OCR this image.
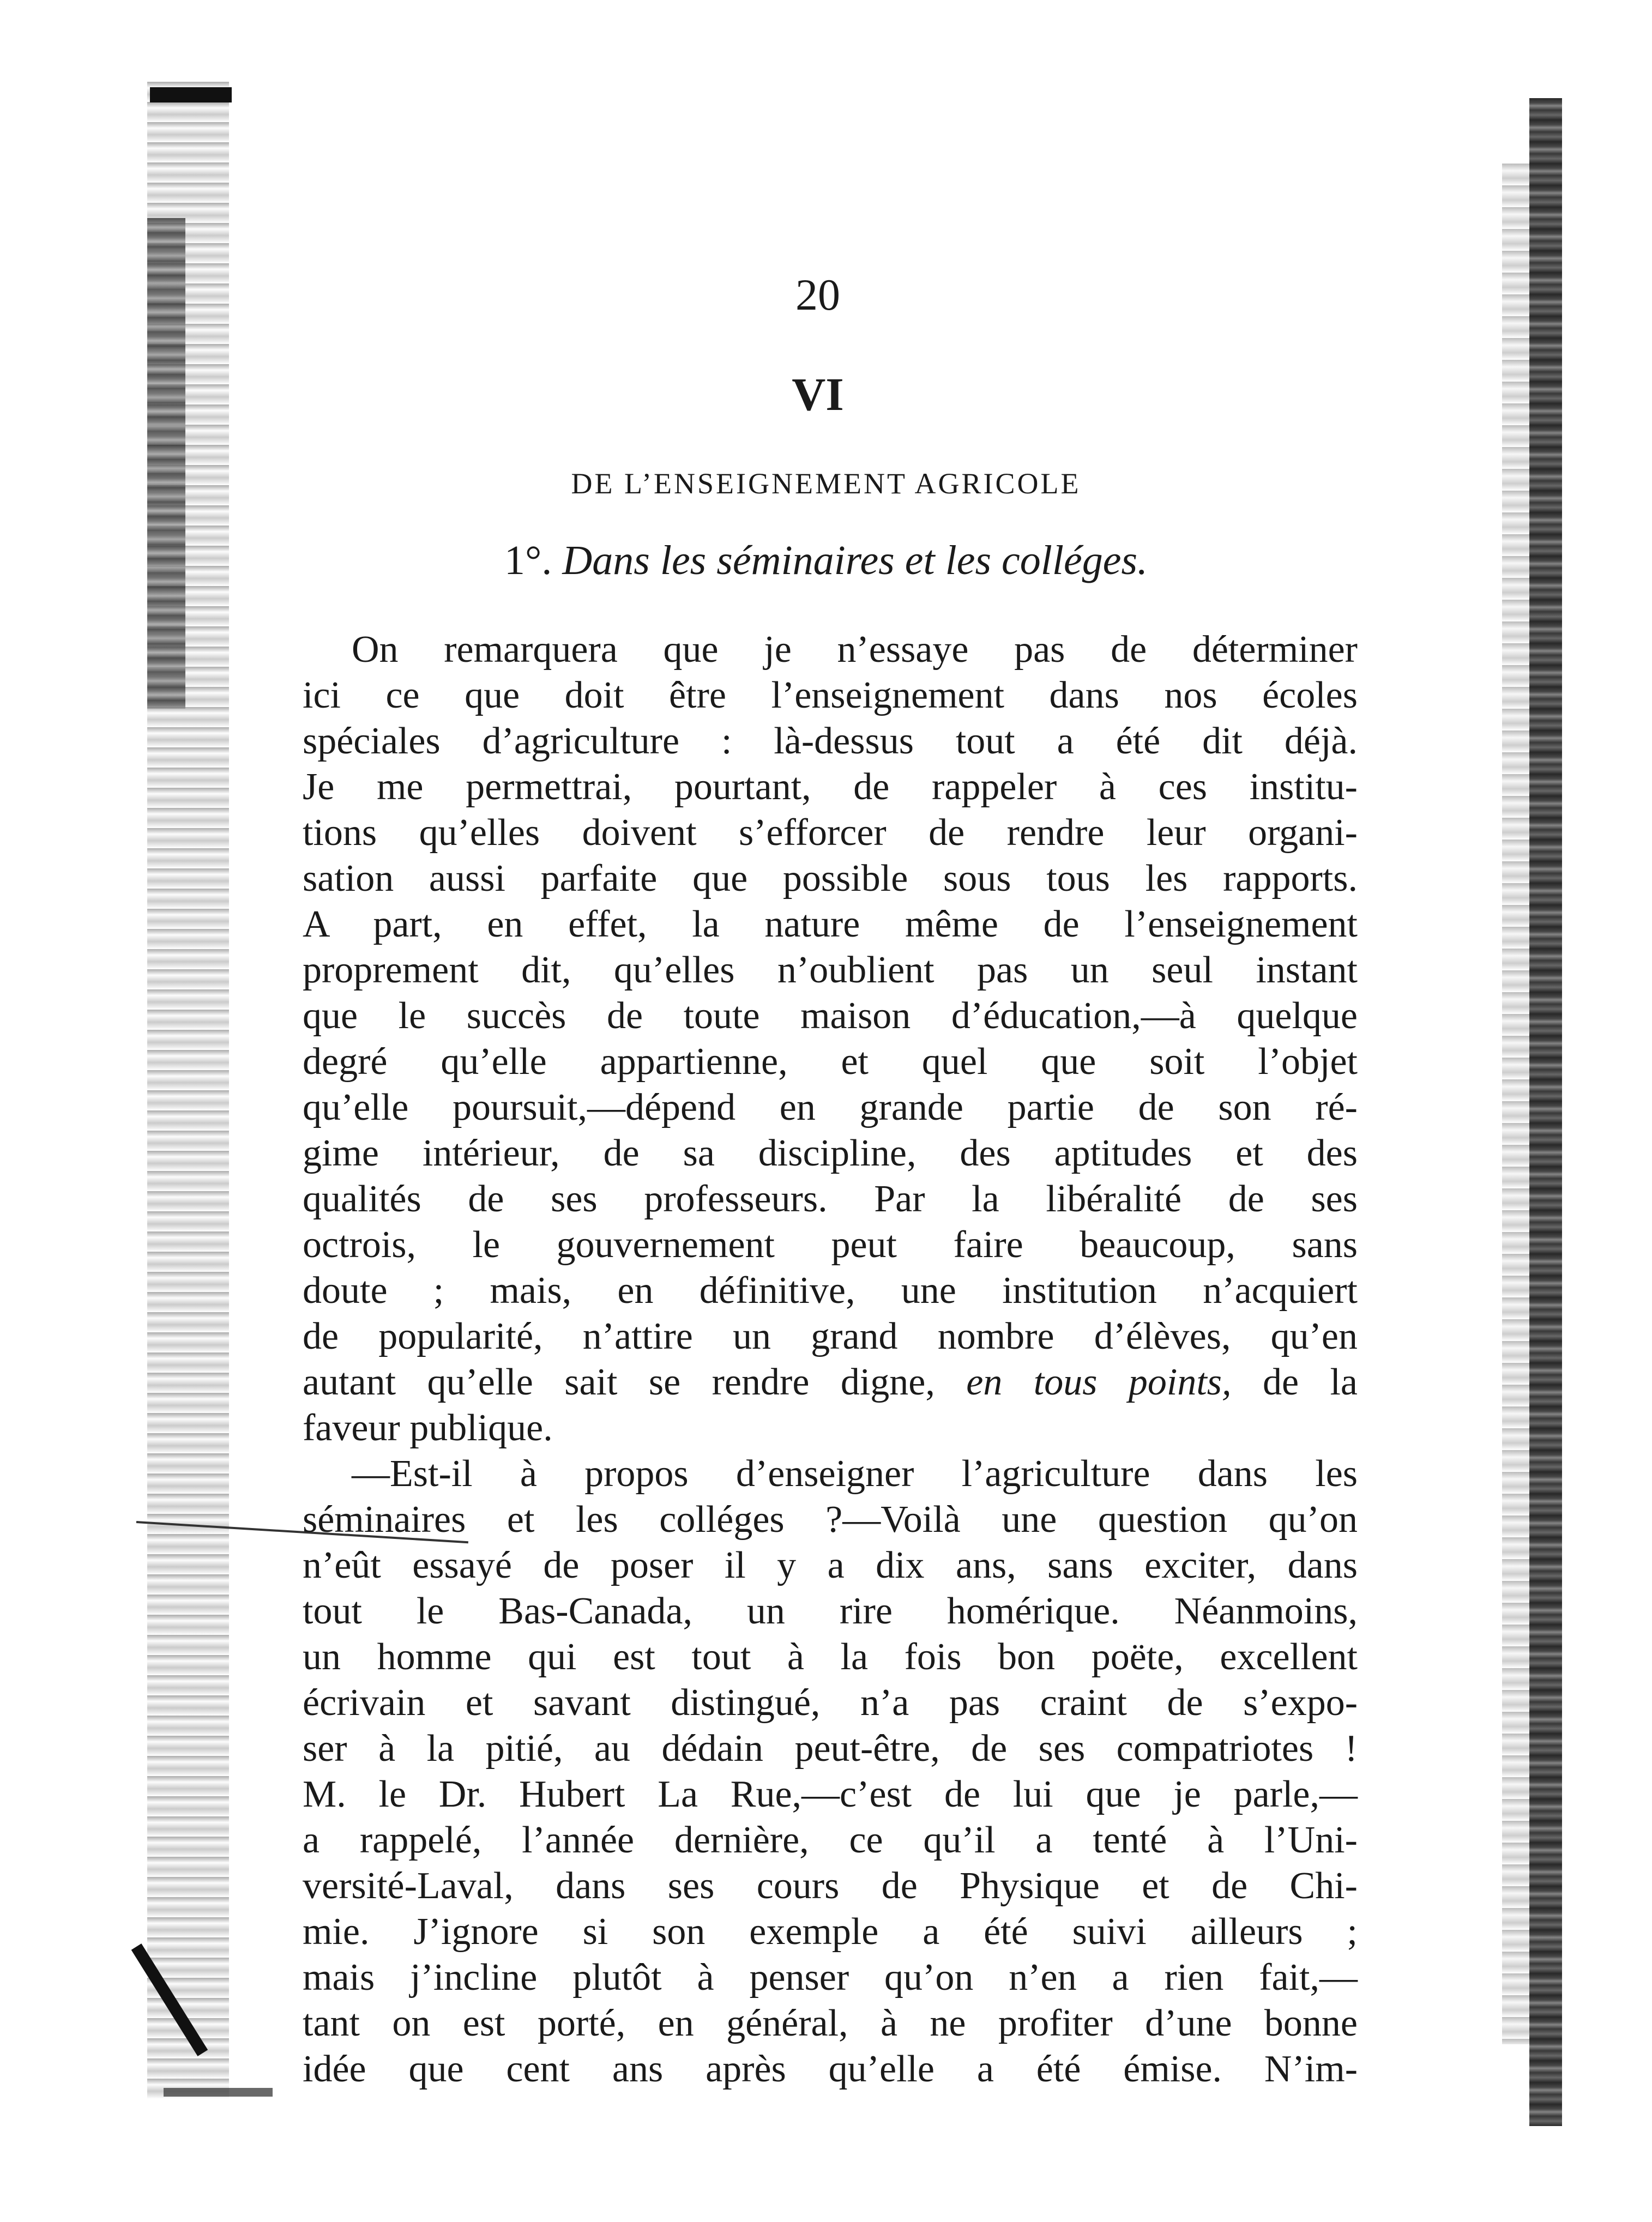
20
VI
DE L’ENSEIGNEMENT AGRICOLE
1°. Dans les séminaires et les colléges.
On remarquera que je n’essaye pas de déterminer
ici ce que doit être l’enseignement dans nos écoles
spéciales d’agriculture : là-dessus tout a été dit déjà.
Je me permettrai, pourtant, de rappeler à ces institu-
tions qu’elles doivent s’efforcer de rendre leur organi-
sation aussi parfaite que possible sous tous les rapports.
A part, en effet, la nature même de l’enseignement
proprement dit, qu’elles n’oublient pas un seul instant
que le succès de toute maison d’éducation,—à quelque
degré qu’elle appartienne, et quel que soit l’objet
qu’elle poursuit,—dépend en grande partie de son ré-
gime intérieur, de sa discipline, des aptitudes et des
qualités de ses professeurs. Par la libéralité de ses
octrois, le gouvernement peut faire beaucoup, sans
doute ; mais, en définitive, une institution n’acquiert
de popularité, n’attire un grand nombre d’élèves, qu’en
autant qu’elle sait se rendre digne, en tous points, de la
faveur publique.
—Est-il à propos d’enseigner l’agriculture dans les
séminaires et les colléges ?—Voilà une question qu’on
n’eût essayé de poser il y a dix ans, sans exciter, dans
tout le Bas-Canada, un rire homérique. Néanmoins,
un homme qui est tout à la fois bon poëte, excellent
écrivain et savant distingué, n’a pas craint de s’expo-
ser à la pitié, au dédain peut-être, de ses compatriotes !
M. le Dr. Hubert La Rue,—c’est de lui que je parle,—
a rappelé, l’année dernière, ce qu’il a tenté à l’Uni-
versité-Laval, dans ses cours de Physique et de Chi-
mie. J’ignore si son exemple a été suivi ailleurs ;
mais j’incline plutôt à penser qu’on n’en a rien fait,—
tant on est porté, en général, à ne profiter d’une bonne
idée que cent ans après qu’elle a été émise. N’im-
